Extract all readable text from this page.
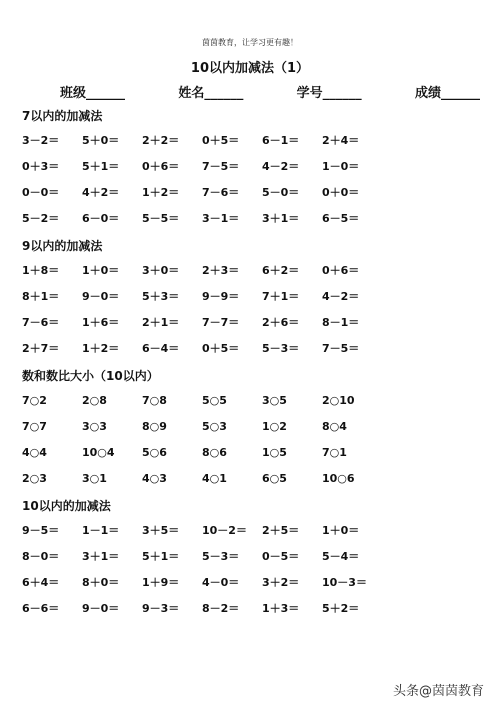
茵茵教育，让学习更有趣！
10以内加减法（1）
班级______	姓名______	学号______	成绩______
7以内的加减法
3－2＝	5＋0＝	2＋2＝	0＋5＝	6－1＝	2＋4＝
0＋3＝	5＋1＝	0＋6＝	7－5＝	4－2＝	1－0＝
0－0＝	4＋2＝	1＋2＝	7－6＝	5－0＝	0＋0＝
5－2＝	6－0＝	5－5＝	3－1＝	3＋1＝	6－5＝
9以内的加减法
1＋8＝	1＋0＝	3＋0＝	2＋3＝	6＋2＝	0＋6＝
8＋1＝	9－0＝	5＋3＝	9－9＝	7＋1＝	4－2＝
7－6＝	1＋6＝	2＋1＝	7－7＝	2＋6＝	8－1＝
2＋7＝	1＋2＝	6－4＝	0＋5＝	5－3＝	7－5＝
数和数比大小（10以内）
7○2	2○8	7○8	5○5	3○5	2○10
7○7	3○3	8○9	5○3	1○2	8○4
4○4	10○4	5○6	8○6	1○5	7○1
2○3	3○1	4○3	4○1	6○5	10○6
10以内的加减法
9－5＝	1－1＝	3＋5＝	10－2＝	2＋5＝	1＋0＝
8－0＝	3＋1＝	5＋1＝	5－3＝	0－5＝	5－4＝
6＋4＝	8＋0＝	1＋9＝	4－0＝	3＋2＝	10－3＝
6－6＝	9－0＝	9－3＝	8－2＝	1＋3＝	5＋2＝
头条@茵茵教育
